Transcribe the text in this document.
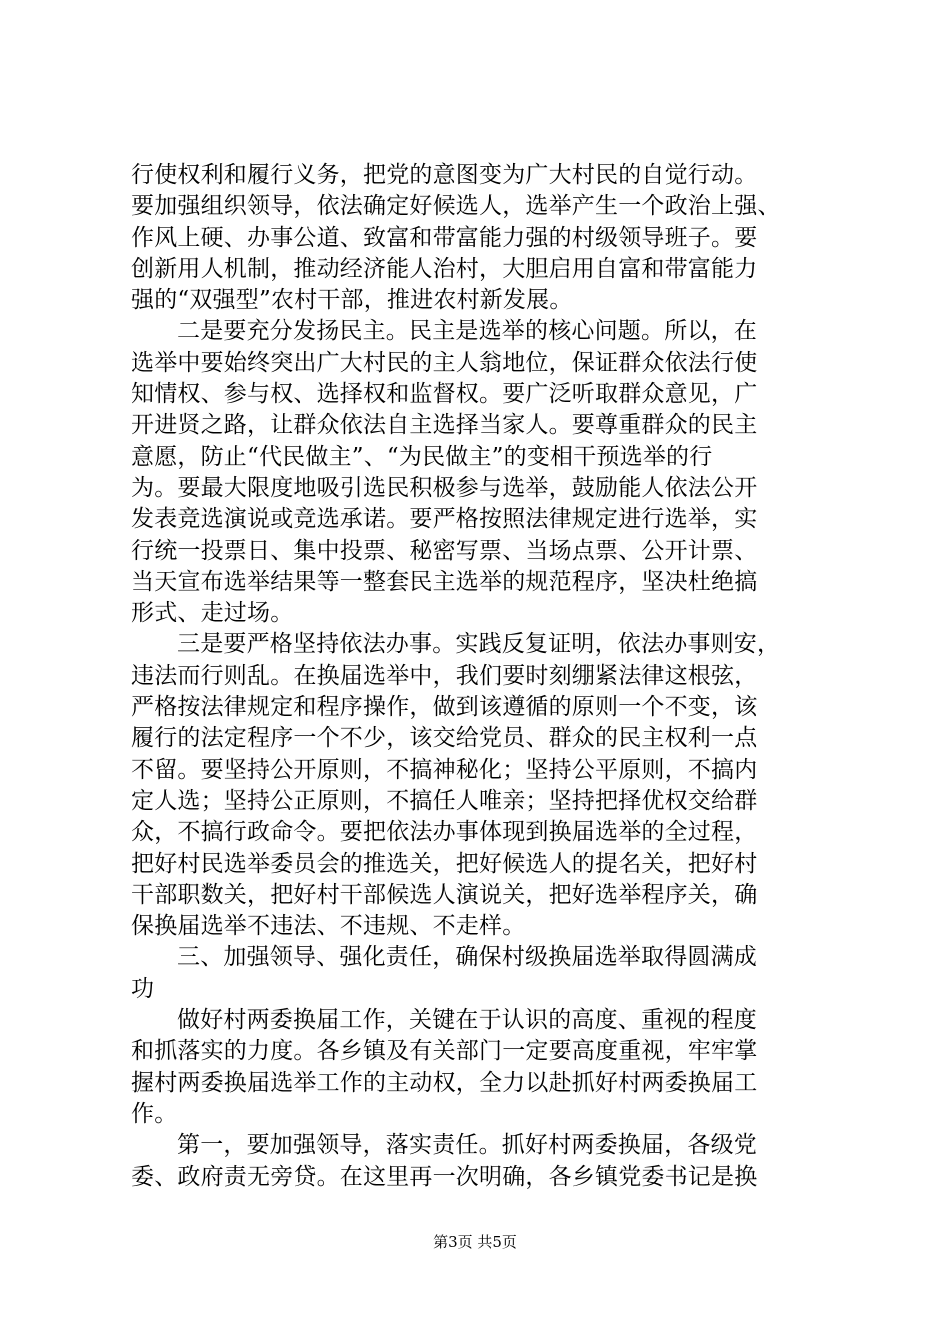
行使权利和履行义务，把党的意图变为广大村民的自觉行动。
要加强组织领导，依法确定好候选人，选举产生一个政治上强、
作风上硬、办事公道、致富和带富能力强的村级领导班子。要
创新用人机制，推动经济能人治村，大胆启用自富和带富能力
强的“双强型”农村干部，推进农村新发展。
二是要充分发扬民主。民主是选举的核心问题。所以，在
选举中要始终突出广大村民的主人翁地位，保证群众依法行使
知情权、参与权、选择权和监督权。要广泛听取群众意见，广
开进贤之路，让群众依法自主选择当家人。要尊重群众的民主
意愿，防止“代民做主”、“为民做主”的变相干预选举的行
为。要最大限度地吸引选民积极参与选举，鼓励能人依法公开
发表竞选演说或竞选承诺。要严格按照法律规定进行选举，实
行统一投票日、集中投票、秘密写票、当场点票、公开计票、
当天宣布选举结果等一整套民主选举的规范程序，坚决杜绝搞
形式、走过场。
三是要严格坚持依法办事。实践反复证明，依法办事则安，
违法而行则乱。在换届选举中，我们要时刻绷紧法律这根弦，
严格按法律规定和程序操作，做到该遵循的原则一个不变，该
履行的法定程序一个不少，该交给党员、群众的民主权利一点
不留。要坚持公开原则，不搞神秘化；坚持公平原则，不搞内
定人选；坚持公正原则，不搞任人唯亲；坚持把择优权交给群
众，不搞行政命令。要把依法办事体现到换届选举的全过程，
把好村民选举委员会的推选关，把好候选人的提名关，把好村
干部职数关，把好村干部候选人演说关，把好选举程序关，确
保换届选举不违法、不违规、不走样。
三、加强领导、强化责任，确保村级换届选举取得圆满成
功
做好村两委换届工作，关键在于认识的高度、重视的程度
和抓落实的力度。各乡镇及有关部门一定要高度重视，牢牢掌
握村两委换届选举工作的主动权，全力以赴抓好村两委换届工
作。
第一，要加强领导，落实责任。抓好村两委换届，各级党
委、政府责无旁贷。在这里再一次明确，各乡镇党委书记是换
第3页 共5页
